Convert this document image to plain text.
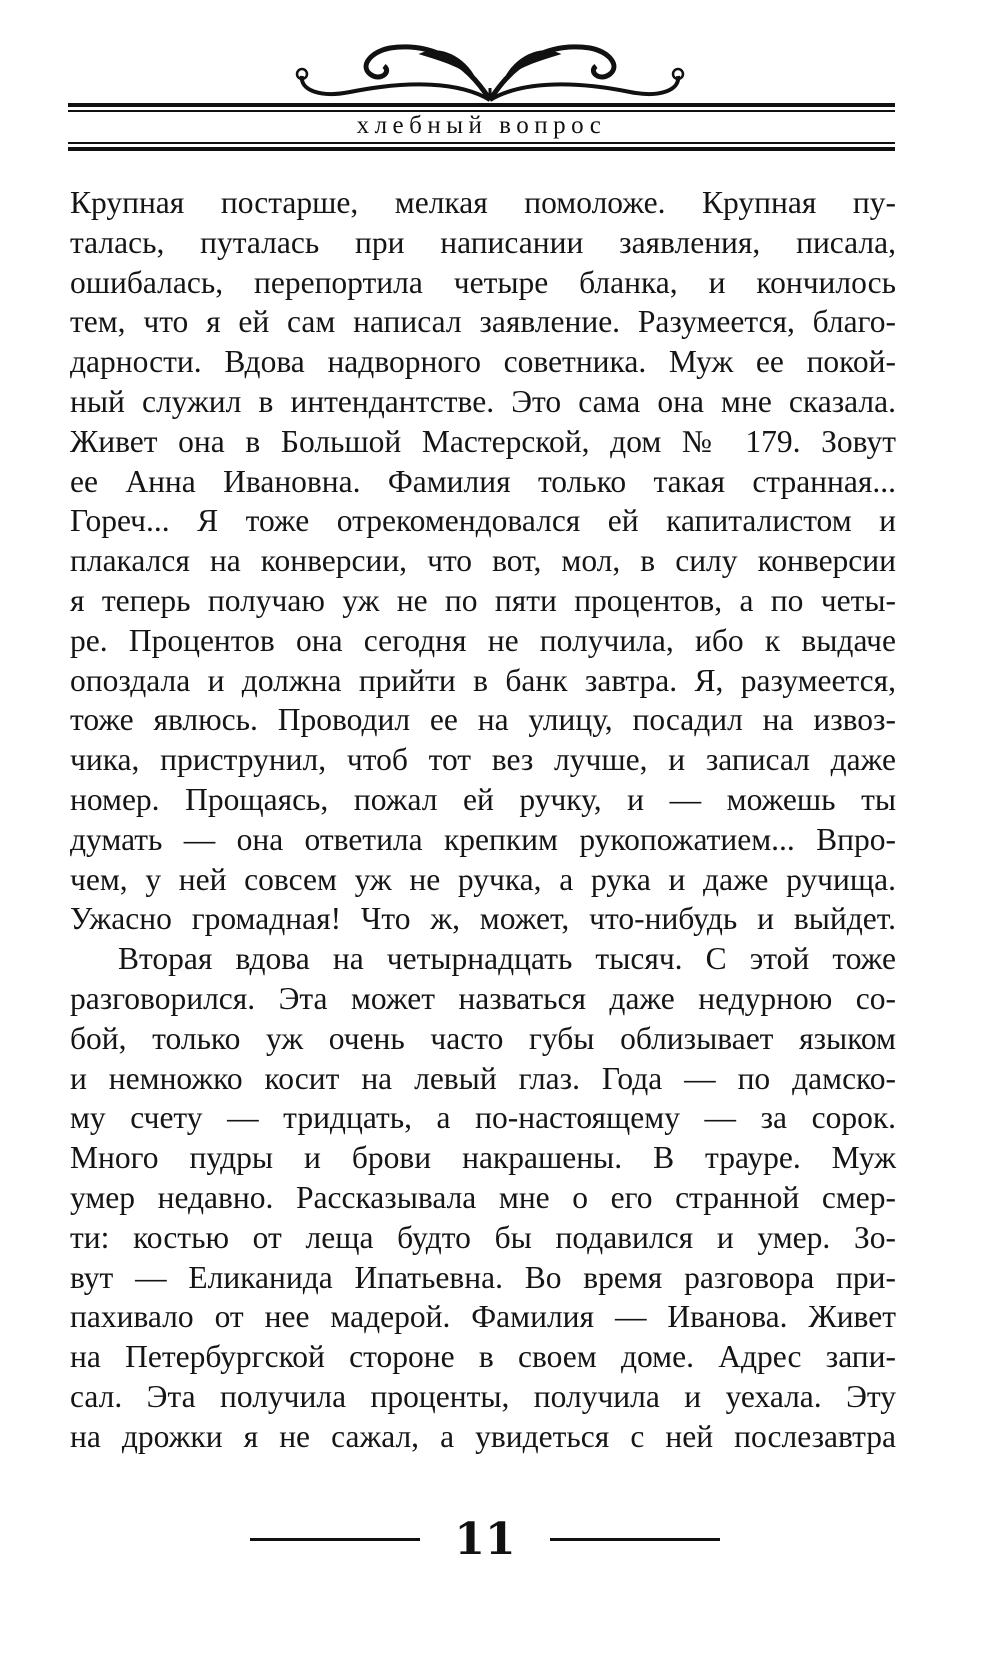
хлебный вопрос

Крупная постарше, мелкая помоложе. Крупная пу-

талась, путалась при написании заявления, писала,

ошибалась, перепортила четыре бланка, и кончилось

тем, что я ей сам написал заявление. Разумеется, благо-

дарности. Вдова надворного советника. Муж ее покой-

ный служил в интендантстве. Это сама она мне сказала.

Живет она в Большой Мастерской, дом № 179. Зовут

ее Анна Ивановна. Фамилия только такая странная...

Гореч... Я тоже отрекомендовался ей капиталистом и

плакался на конверсии, что вот, мол, в силу конверсии

я теперь получаю уж не по пяти процентов, а по четы-

ре. Процентов она сегодня не получила, ибо к выдаче

опоздала и должна прийти в банк завтра. Я, разумеется,

тоже явлюсь. Проводил ее на улицу, посадил на извоз-

чика, приструнил, чтоб тот вез лучше, и записал даже

номер. Прощаясь, пожал ей ручку, и — можешь ты

думать — она ответила крепким рукопожатием... Впро-

чем, у ней совсем уж не ручка, а рука и даже ручища.

Ужасно громадная! Что ж, может, что-нибудь и выйдет.

Вторая вдова на четырнадцать тысяч. С этой тоже

разговорился. Эта может назваться даже недурною со-

бой, только уж очень часто губы облизывает языком

и немножко косит на левый глаз. Года — по дамско-

му счету — тридцать, а по-настоящему — за сорок.

Много пудры и брови накрашены. В трауре. Муж

умер недавно. Рассказывала мне о его странной смер-

ти: костью от леща будто бы подавился и умер. Зо-

вут — Еликанида Ипатьевна. Во время разговора при-

пахивало от нее мадерой. Фамилия — Иванова. Живет

на Петербургской стороне в своем доме. Адрес запи-

сал. Эта получила проценты, получила и уехала. Эту

на дрожки я не сажал, а увидеться с ней послезавтра

11
